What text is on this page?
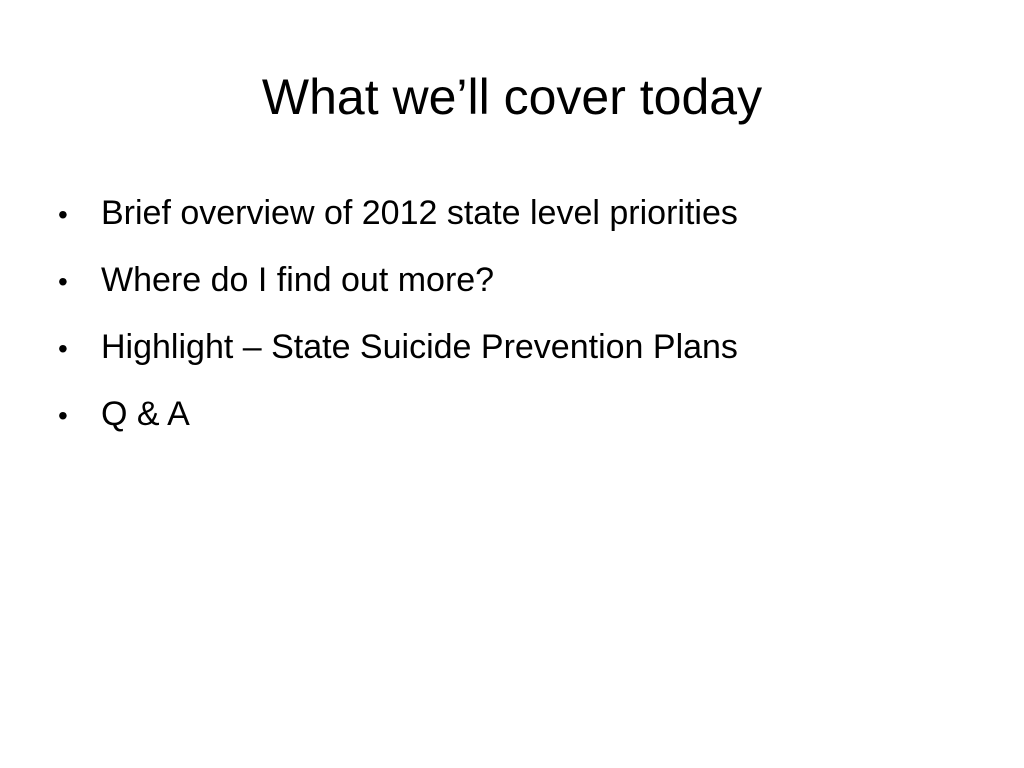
What we’ll cover today
• Brief overview of 2012 state level priorities
• Where do I find out more?
• Highlight – State Suicide Prevention Plans
• Q & A
